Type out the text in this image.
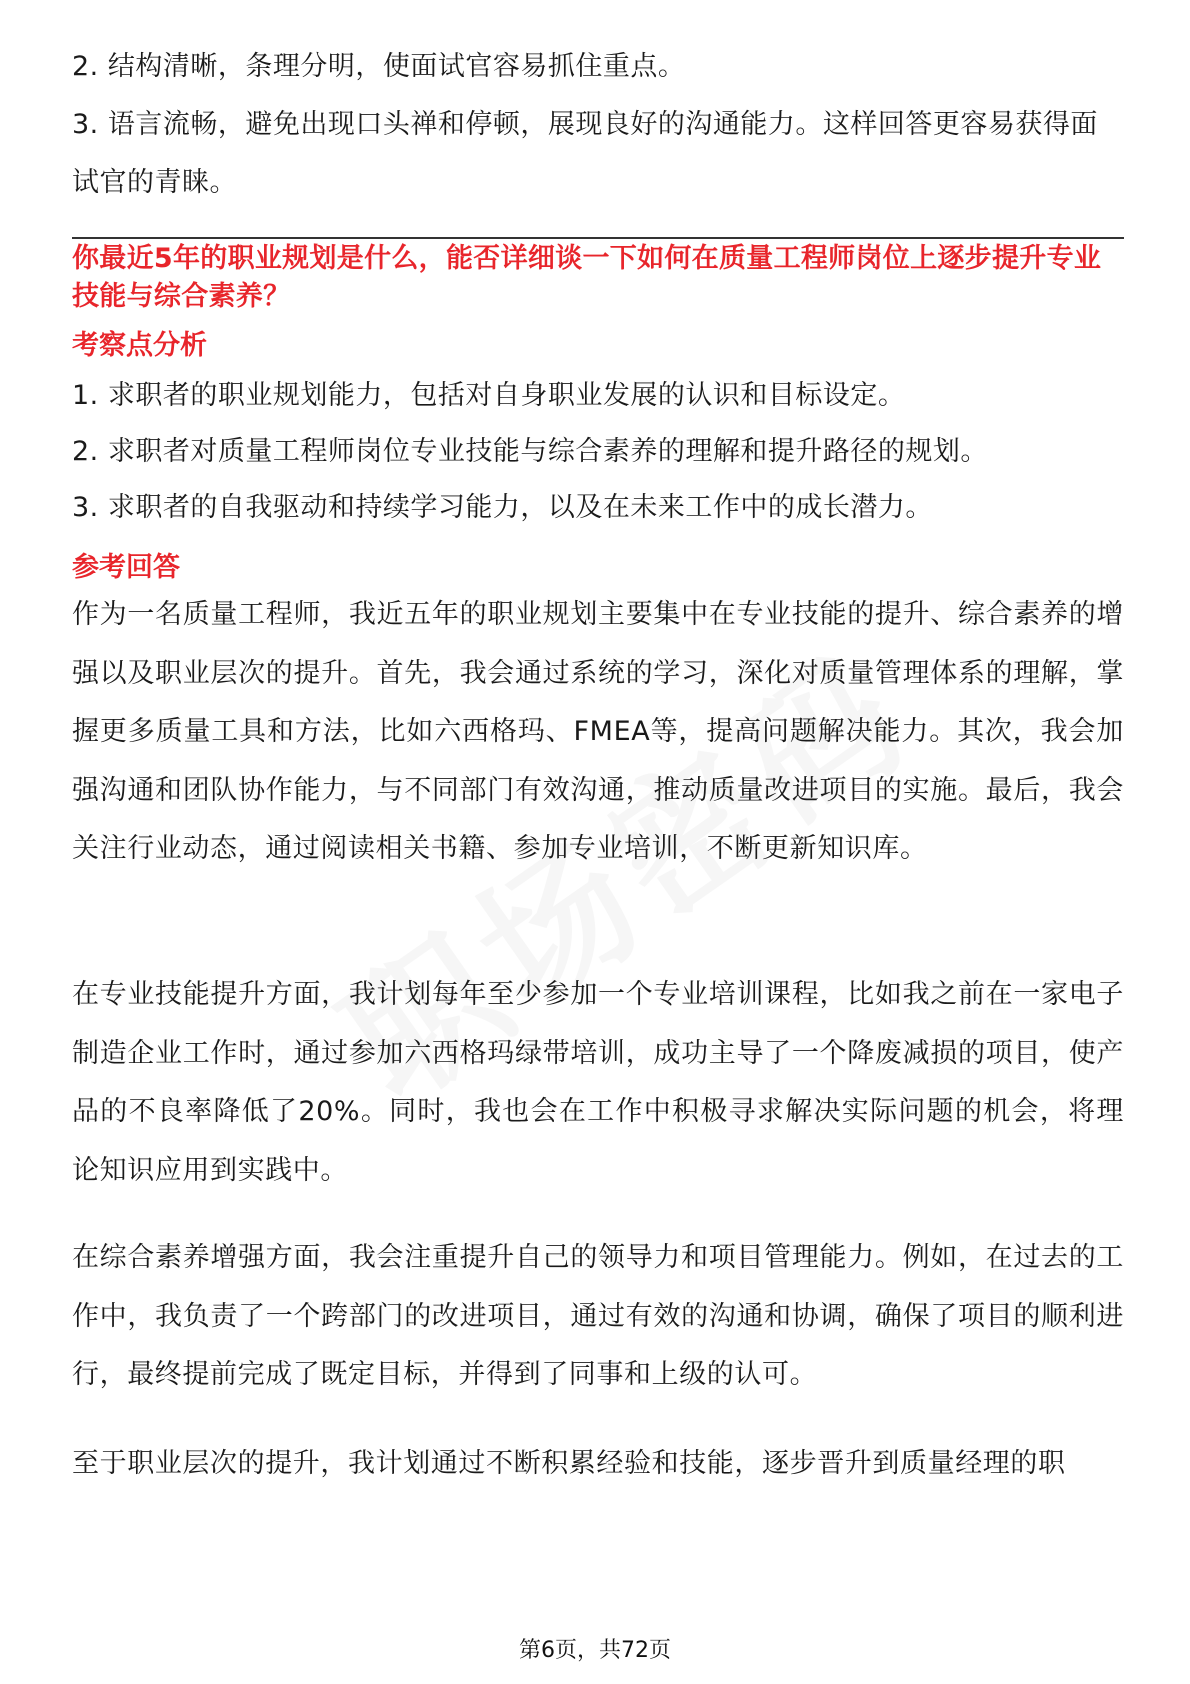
2. 结构清晰，条理分明，使面试官容易抓住重点。

3. 语言流畅，避免出现口头禅和停顿，展现良好的沟通能力。这样回答更容易获得面试官的青睐。

你最近5年的职业规划是什么，能否详细谈一下如何在质量工程师岗位上逐步提升专业技能与综合素养？

考察点分析

1. 求职者的职业规划能力，包括对自身职业发展的认识和目标设定。

2. 求职者对质量工程师岗位专业技能与综合素养的理解和提升路径的规划。

3. 求职者的自我驱动和持续学习能力，以及在未来工作中的成长潜力。

参考回答

作为一名质量工程师，我近五年的职业规划主要集中在专业技能的提升、综合素养的增强以及职业层次的提升。首先，我会通过系统的学习，深化对质量管理体系的理解，掌握更多质量工具和方法，比如六西格玛、FMEA等，提高问题解决能力。其次，我会加强沟通和团队协作能力，与不同部门有效沟通，推动质量改进项目的实施。最后，我会关注行业动态，通过阅读相关书籍、参加专业培训，不断更新知识库。

在专业技能提升方面，我计划每年至少参加一个专业培训课程，比如我之前在一家电子制造企业工作时，通过参加六西格玛绿带培训，成功主导了一个降废减损的项目，使产品的不良率降低了20%。同时，我也会在工作中积极寻求解决实际问题的机会，将理论知识应用到实践中。

在综合素养增强方面，我会注重提升自己的领导力和项目管理能力。例如，在过去的工作中，我负责了一个跨部门的改进项目，通过有效的沟通和协调，确保了项目的顺利进行，最终提前完成了既定目标，并得到了同事和上级的认可。

至于职业层次的提升，我计划通过不断积累经验和技能，逐步晋升到质量经理的职

第6页，共72页
